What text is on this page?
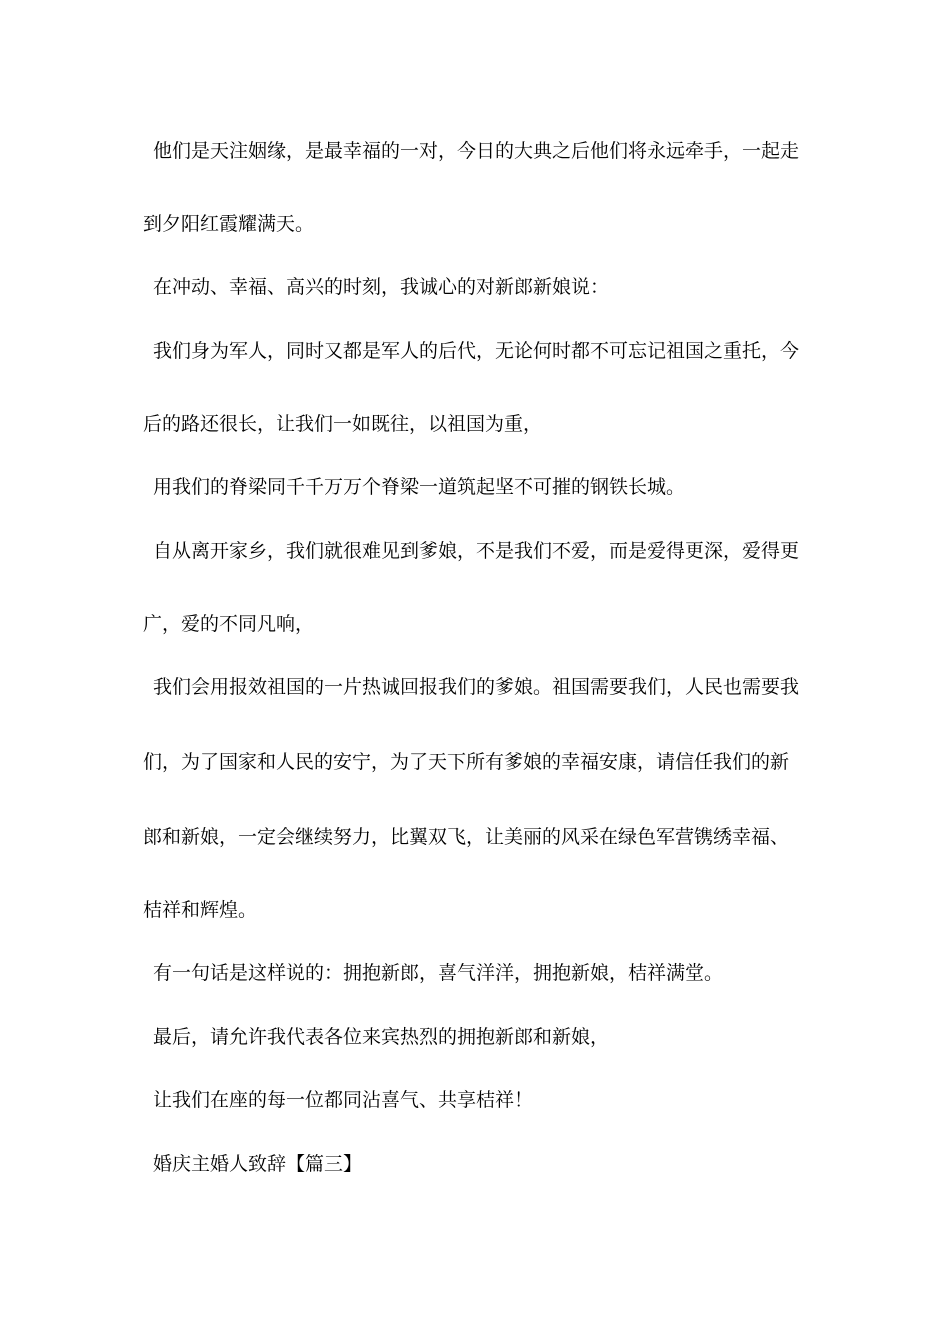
他们是天注姻缘，是最幸福的一对，今日的大典之后他们将永远牵手，一起走
到夕阳红霞耀满天。
在冲动、幸福、高兴的时刻，我诚心的对新郎新娘说：
我们身为军人，同时又都是军人的后代，无论何时都不可忘记祖国之重托，今
后的路还很长，让我们一如既往，以祖国为重，
用我们的脊梁同千千万万个脊梁一道筑起坚不可摧的钢铁长城。
自从离开家乡，我们就很难见到爹娘，不是我们不爱，而是爱得更深，爱得更
广，爱的不同凡响，
我们会用报效祖国的一片热诚回报我们的爹娘。祖国需要我们，人民也需要我
们，为了国家和人民的安宁，为了天下所有爹娘的幸福安康，请信任我们的新
郎和新娘，一定会继续努力，比翼双飞，让美丽的风采在绿色军营镌绣幸福、
桔祥和辉煌。
有一句话是这样说的：拥抱新郎，喜气洋洋，拥抱新娘，桔祥满堂。
最后，请允许我代表各位来宾热烈的拥抱新郎和新娘，
让我们在座的每一位都同沾喜气、共享桔祥！
婚庆主婚人致辞【篇三】
